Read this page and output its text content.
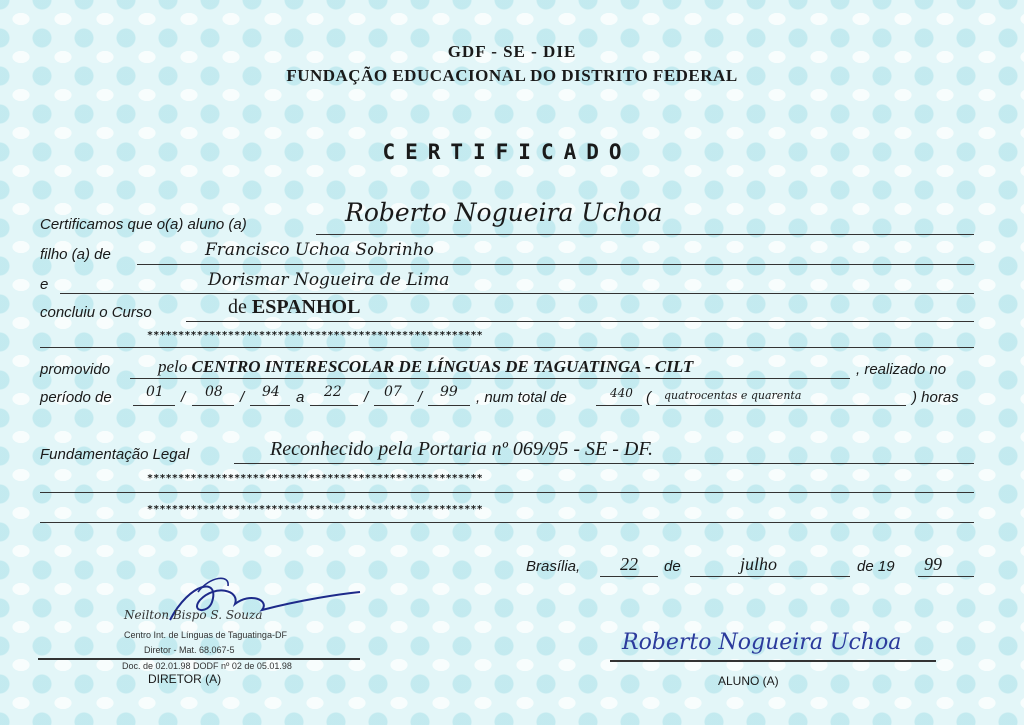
GDF - SE - DIE
FUNDAÇÃO EDUCACIONAL DO DISTRITO FEDERAL
CERTIFICADO
Certificamos que o(a) aluno (a)	Roberto Nogueira Uchoa
filho (a) de	Francisco Uchoa Sobrinho
e	Dorismar Nogueira de Lima
concluiu o Curso	de ESPANHOL
******************************************************
promovido	pelo CENTRO INTERESCOLAR DE LÍNGUAS DE TAGUATINGA - CILT	, realizado no
período de 01 / 08 / 94 a 22 / 07 / 99 , num total de	440 ( quatrocentas e quarenta	) horas
Fundamentação Legal	Reconhecido pela Portaria nº 069/95 - SE - DF.
******************************************************
******************************************************
Brasília, 22 de	julho	de 19 99
Neilton Bispo S. Souza
Centro Int. de Línguas de Taguatinga-DF
Diretor - Mat. 68.067-5
Doc. de 02.01.98 DODF nº 02 de 05.01.98
DIRETOR (A)
Roberto Nogueira Uchoa
ALUNO (A)
